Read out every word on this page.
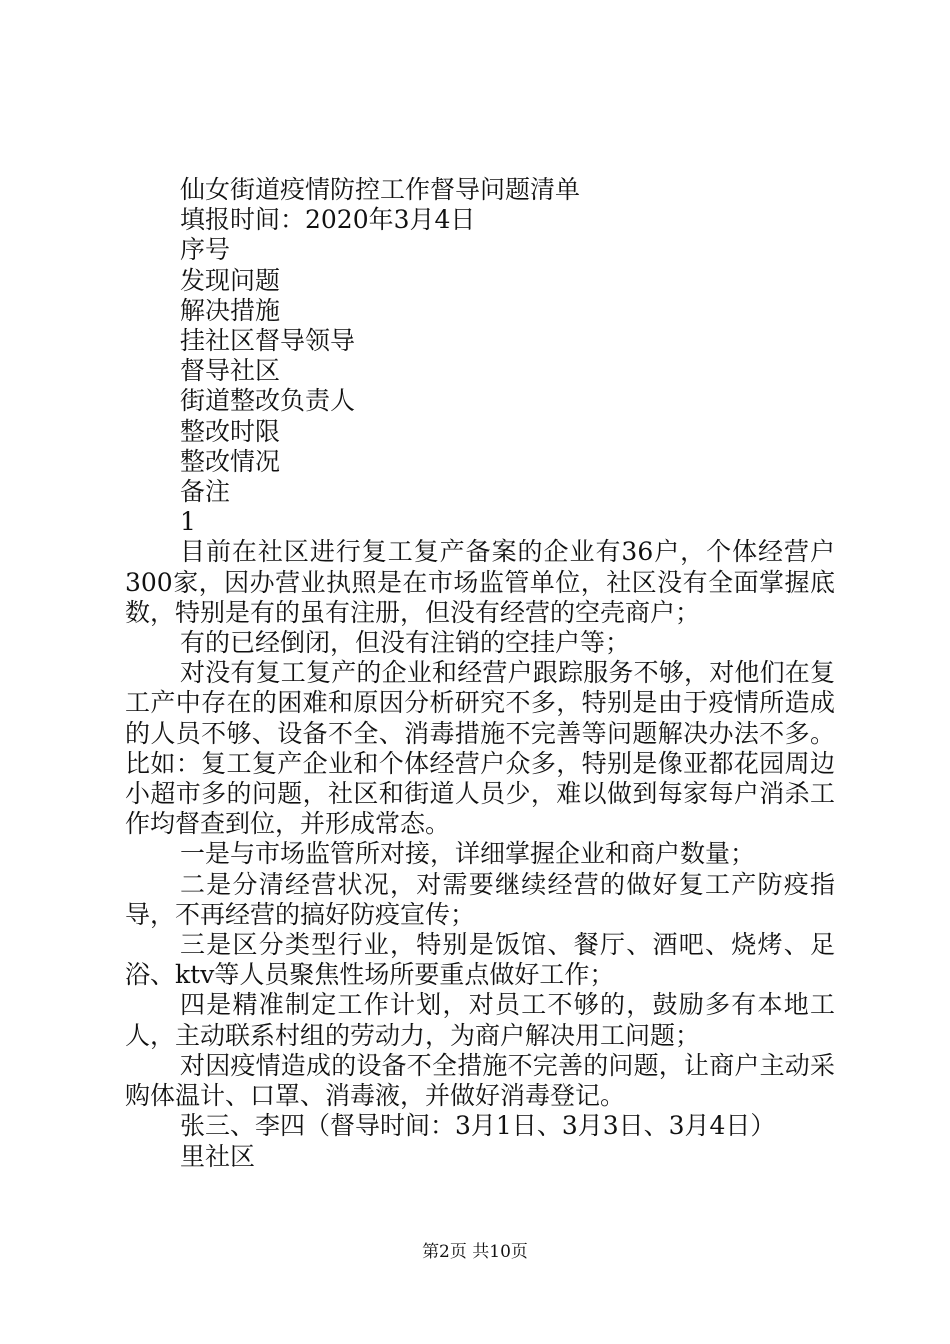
仙女街道疫情防控工作督导问题清单
填报时间：2020年3月4日
序号
发现问题
解决措施
挂社区督导领导
督导社区
街道整改负责人
整改时限
整改情况
备注
1

目前在社区进行复工复产备案的企业有36户，个体经营户300家，因办营业执照是在市场监管单位，社区没有全面掌握底数，特别是有的虽有注册，但没有经营的空壳商户；

有的已经倒闭，但没有注销的空挂户等；

对没有复工复产的企业和经营户跟踪服务不够，对他们在复工产中存在的困难和原因分析研究不多，特别是由于疫情所造成的人员不够、设备不全、消毒措施不完善等问题解决办法不多。比如：复工复产企业和个体经营户众多，特别是像亚都花园周边小超市多的问题，社区和街道人员少，难以做到每家每户消杀工作均督查到位，并形成常态。

一是与市场监管所对接，详细掌握企业和商户数量；

二是分清经营状况，对需要继续经营的做好复工产防疫指导，不再经营的搞好防疫宣传；

三是区分类型行业，特别是饭馆、餐厅、酒吧、烧烤、足浴、ktv等人员聚焦性场所要重点做好工作；

四是精准制定工作计划，对员工不够的，鼓励多有本地工人，主动联系村组的劳动力，为商户解决用工问题；

对因疫情造成的设备不全措施不完善的问题，让商户主动采购体温计、口罩、消毒液，并做好消毒登记。

张三、李四（督导时间：3月1日、3月3日、3月4日）
里社区
第2页 共10页
